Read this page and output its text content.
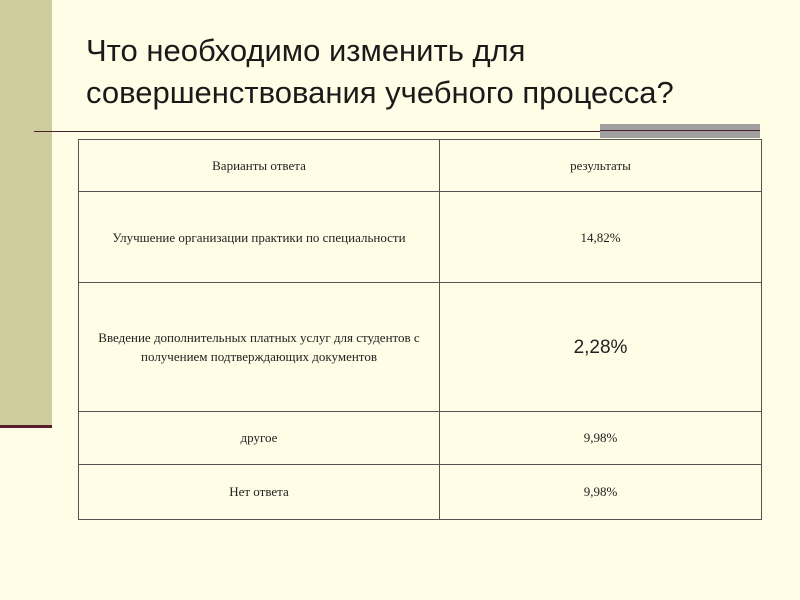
Что необходимо изменить для
совершенствования учебного процесса?
Варианты ответа	результаты
Улучшение организации практики по специальности	14,82%
Введение дополнительных платных услуг для студентов с получением подтверждающих документов	2,28%
другое	9,98%
Нет ответа	9,98%
